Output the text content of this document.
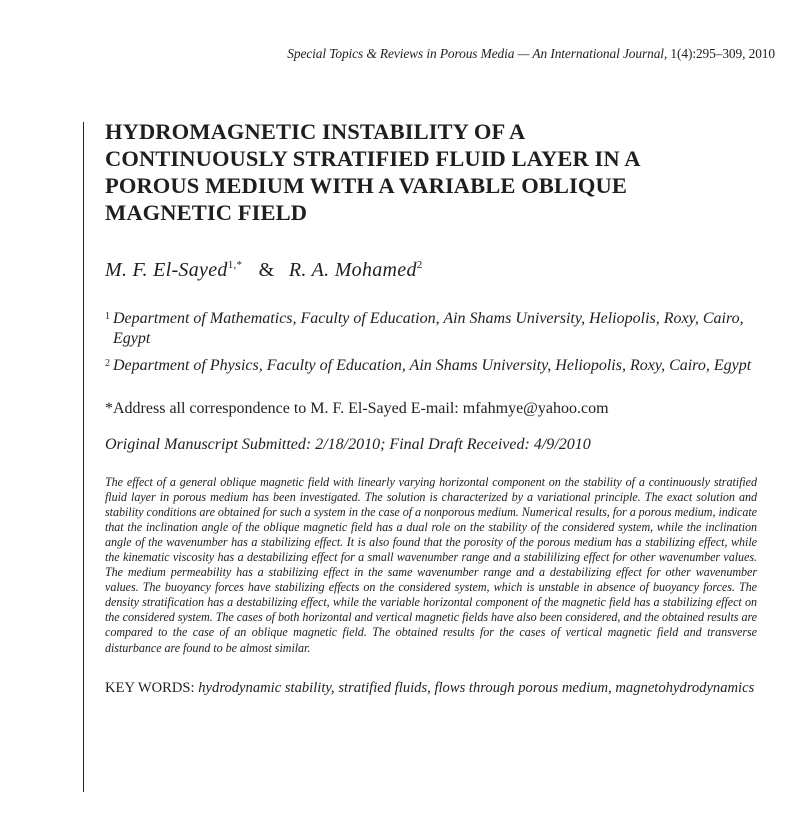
Special Topics & Reviews in Porous Media — An International Journal, 1(4):295–309, 2010
HYDROMAGNETIC INSTABILITY OF A
CONTINUOUSLY STRATIFIED FLUID LAYER IN A
POROUS MEDIUM WITH A VARIABLE OBLIQUE
MAGNETIC FIELD
M. F. El-Sayed$^{1,*}$ & R. A. Mohamed$^2$
1 Department of Mathematics, Faculty of Education, Ain Shams University, Heliopolis, Roxy, Cairo, Egypt
2 Department of Physics, Faculty of Education, Ain Shams University, Heliopolis, Roxy, Cairo, Egypt
*Address all correspondence to M. F. El-Sayed E-mail: mfahmye@yahoo.com
Original Manuscript Submitted: 2/18/2010; Final Draft Received: 4/9/2010

The effect of a general oblique magnetic field with linearly varying horizontal component on the stability of a continuously stratified fluid layer in porous medium has been investigated. The solution is characterized by a variational principle. The exact solution and stability conditions are obtained for such a system in the case of a nonporous medium. Numerical results, for a porous medium, indicate that the inclination angle of the oblique magnetic field has a dual role on the stability of the considered system, while the inclination angle of the wavenumber has a stabilizing effect. It is also found that the porosity of the porous medium has a stabilizing effect, while the kinematic viscosity has a destabilizing effect for a small wavenumber range and a stabililizing effect for other wavenumber values. The medium permeability has a stabilizing effect in the same wavenumber range and a destabilizing effect for other wavenumber values. The buoyancy forces have stabilizing effects on the considered system, which is unstable in absence of buoyancy forces. The density stratification has a destabilizing effect, while the variable horizontal component of the magnetic field has a stabilizing effect on the considered system. The cases of both horizontal and vertical magnetic fields have also been considered, and the obtained results are compared to the case of an oblique magnetic field. The obtained results for the cases of vertical magnetic field and transverse disturbance are found to be almost similar.

KEY WORDS: hydrodynamic stability, stratified fluids, flows through porous medium, magnetohydrodynamics
